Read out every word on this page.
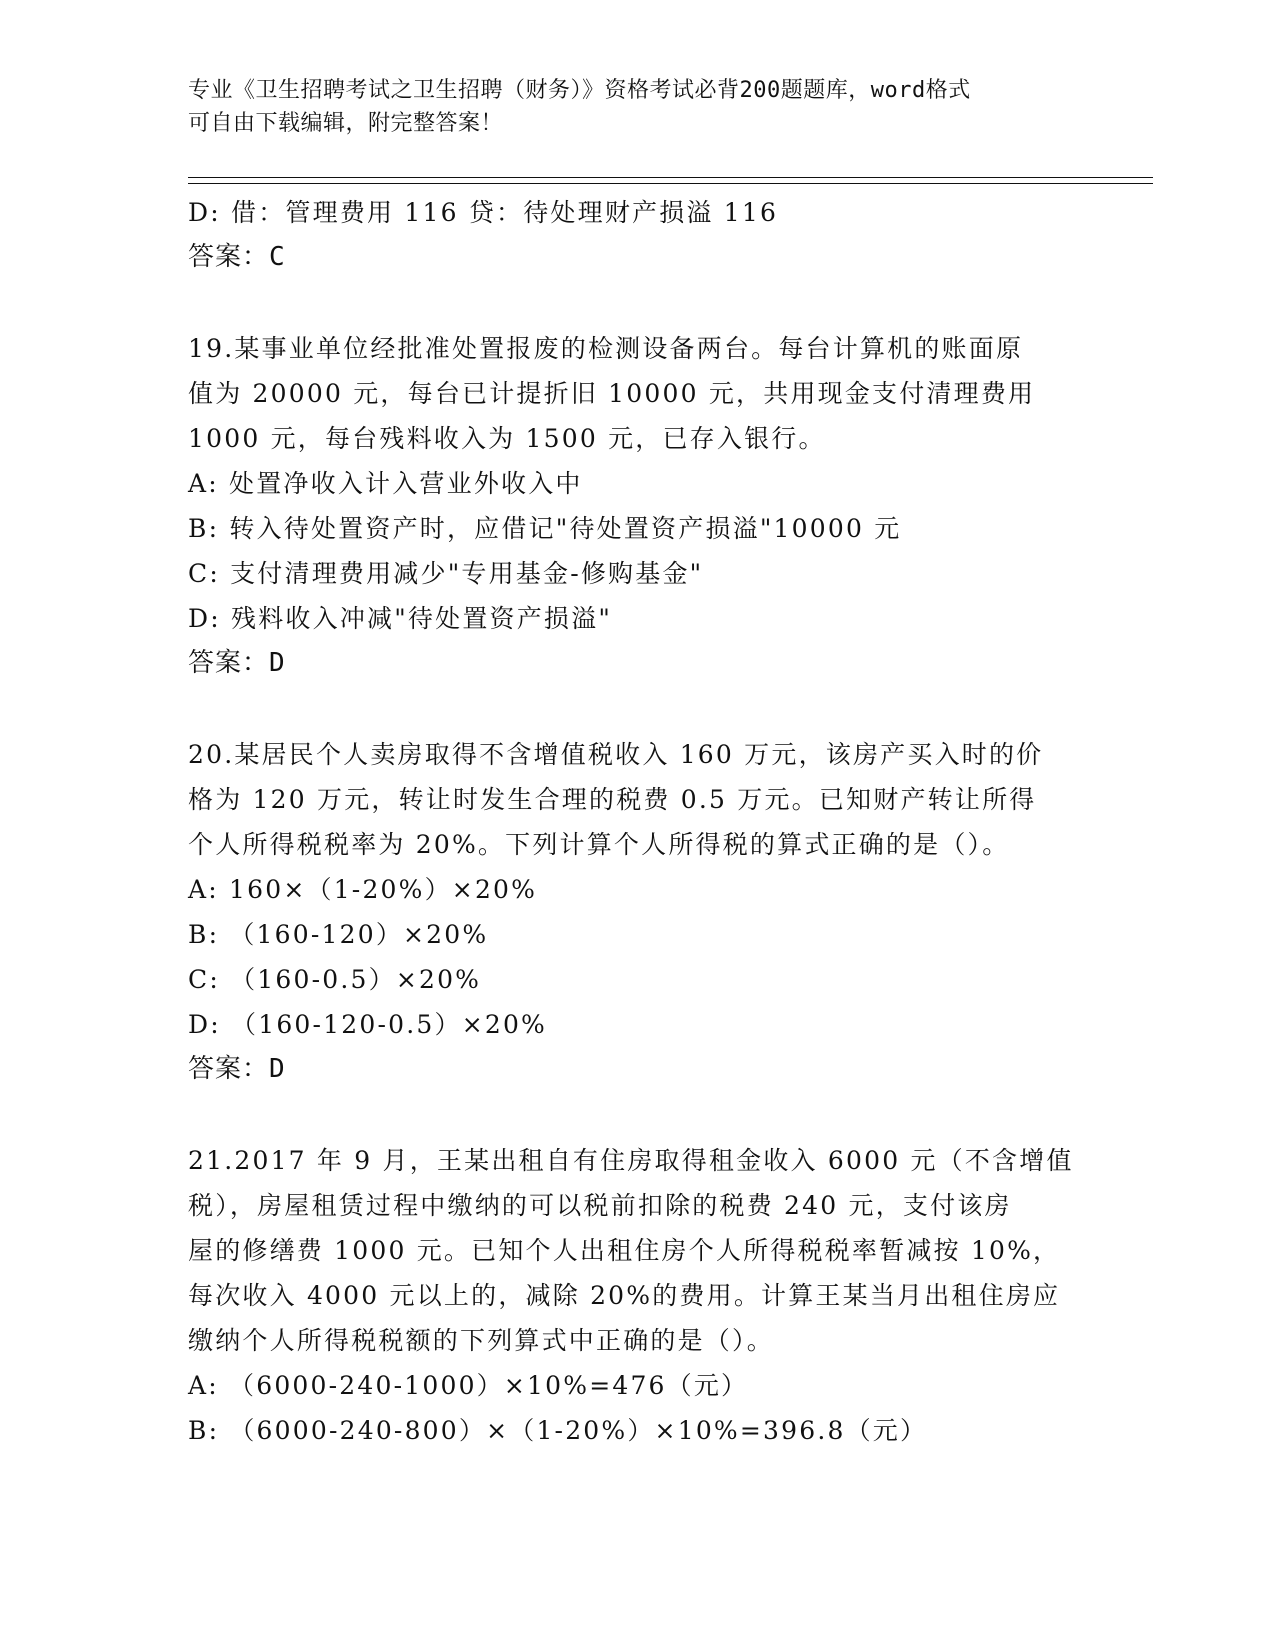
专业《卫生招聘考试之卫生招聘（财务）》资格考试必背200题题库，word格式
可自由下载编辑，附完整答案！
D: 借：管理费用 116 贷：待处理财产损溢 116
答案：C
19.某事业单位经批准处置报废的检测设备两台。每台计算机的账面原
值为 20000 元，每台已计提折旧 10000 元，共用现金支付清理费用
1000 元，每台残料收入为 1500 元，已存入银行。
A: 处置净收入计入营业外收入中
B: 转入待处置资产时，应借记"待处置资产损溢"10000 元
C: 支付清理费用减少"专用基金-修购基金"
D: 残料收入冲减"待处置资产损溢"
答案：D
20.某居民个人卖房取得不含增值税收入 160 万元，该房产买入时的价
格为 120 万元，转让时发生合理的税费 0.5 万元。已知财产转让所得
个人所得税税率为 20%。下列计算个人所得税的算式正确的是（）。
A: 160×（1-20%）×20%
B: （160-120）×20%
C: （160-0.5）×20%
D: （160-120-0.5）×20%
答案：D
21.2017 年 9 月，王某出租自有住房取得租金收入 6000 元（不含增值
税），房屋租赁过程中缴纳的可以税前扣除的税费 240 元，支付该房
屋的修缮费 1000 元。已知个人出租住房个人所得税税率暂减按 10%，
每次收入 4000 元以上的，减除 20%的费用。计算王某当月出租住房应
缴纳个人所得税税额的下列算式中正确的是（）。
A: （6000-240-1000）×10%=476（元）
B: （6000-240-800）×（1-20%）×10%=396.8（元）
